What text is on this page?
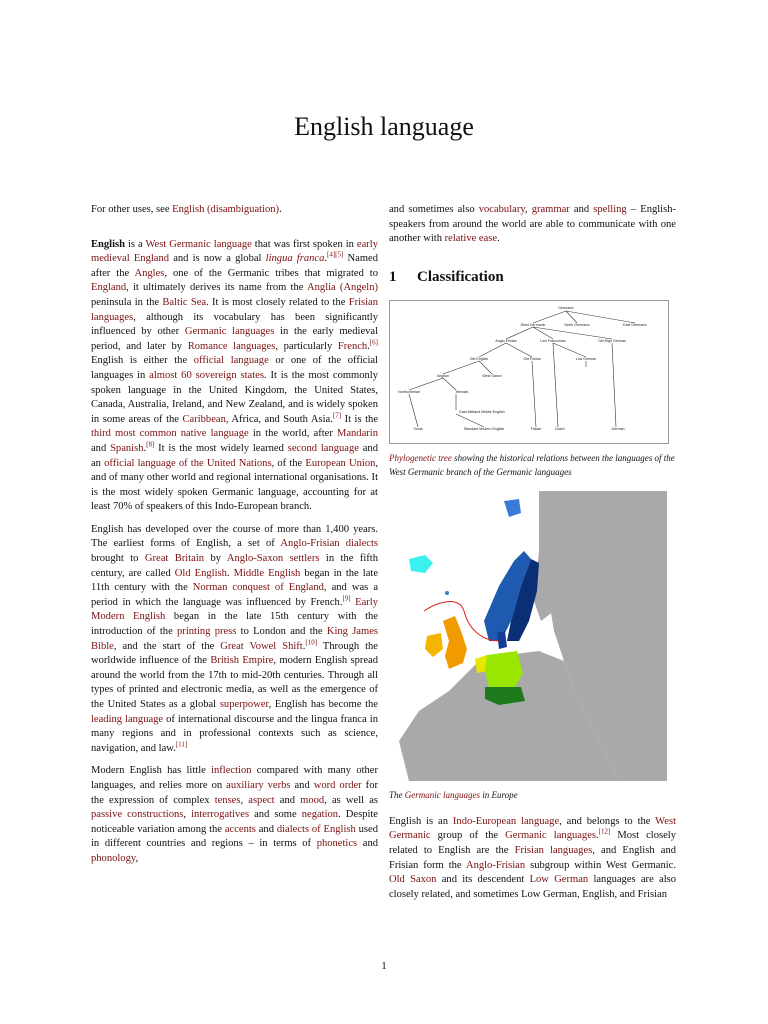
English language

For other uses, see English (disambiguation).

English is a West Germanic language that was first spoken in early medieval England and is now a global lingua franca.[4][5] Named after the Angles, one of the Germanic tribes that migrated to England, it ultimately derives its name from the Anglia (Angeln) peninsula in the Baltic Sea. It is most closely related to the Frisian languages, although its vocabulary has been significantly influenced by other Germanic languages in the early medieval period, and later by Romance languages, particularly French.[6] English is either the official language or one of the official languages in almost 60 sovereign states. It is the most commonly spoken language in the United Kingdom, the United States, Canada, Australia, Ireland, and New Zealand, and is widely spoken in some areas of the Caribbean, Africa, and South Asia.[7] It is the third most common native language in the world, after Mandarin and Spanish.[8] It is the most widely learned second language and an official language of the United Nations, of the European Union, and of many other world and regional international organisations. It is the most widely spoken Germanic language, accounting for at least 70% of speakers of this Indo-European branch.

English has developed over the course of more than 1,400 years. The earliest forms of English, a set of Anglo-Frisian dialects brought to Great Britain by Anglo-Saxon settlers in the fifth century, are called Old English. Middle English began in the late 11th century with the Norman conquest of England, and was a period in which the language was influenced by French.[9] Early Modern English began in the late 15th century with the introduction of the printing press to London and the King James Bible, and the start of the Great Vowel Shift.[10] Through the worldwide influence of the British Empire, modern English spread around the world from the 17th to mid-20th centuries. Through all types of printed and electronic media, as well as the emergence of the United States as a global superpower, English has become the leading language of international discourse and the lingua franca in many regions and in professional contexts such as science, navigation, and law.[11]

Modern English has little inflection compared with many other languages, and relies more on auxiliary verbs and word order for the expression of complex tenses, aspect and mood, as well as passive constructions, interrogatives and some negation. Despite noticeable variation among the accents and dialects of English used in different countries and regions – in terms of phonetics and phonology,

and sometimes also vocabulary, grammar and spelling – English-speakers from around the world are able to communicate with one another with relative ease.

1 Classification
Germanic
West Germanic	North Germanic	East Germanic
Anglo-Frisian	Low Franconian	Old High German
Old English	Old Frisian	Low German
Anglian	West Saxon
Northumbrian	Mercian
East Midland Middle English
Scots	Standard Modern English	Frisian	Dutch	German

Phylogenetic tree showing the historical relations between the languages of the West Germanic branch of the Germanic languages

The Germanic languages in Europe

English is an Indo-European language, and belongs to the West Germanic group of the Germanic languages.[12] Most closely related to English are the Frisian languages, and English and Frisian form the Anglo-Frisian subgroup within West Germanic. Old Saxon and its descendent Low German languages are also closely related, and sometimes Low German, English, and Frisian

1
